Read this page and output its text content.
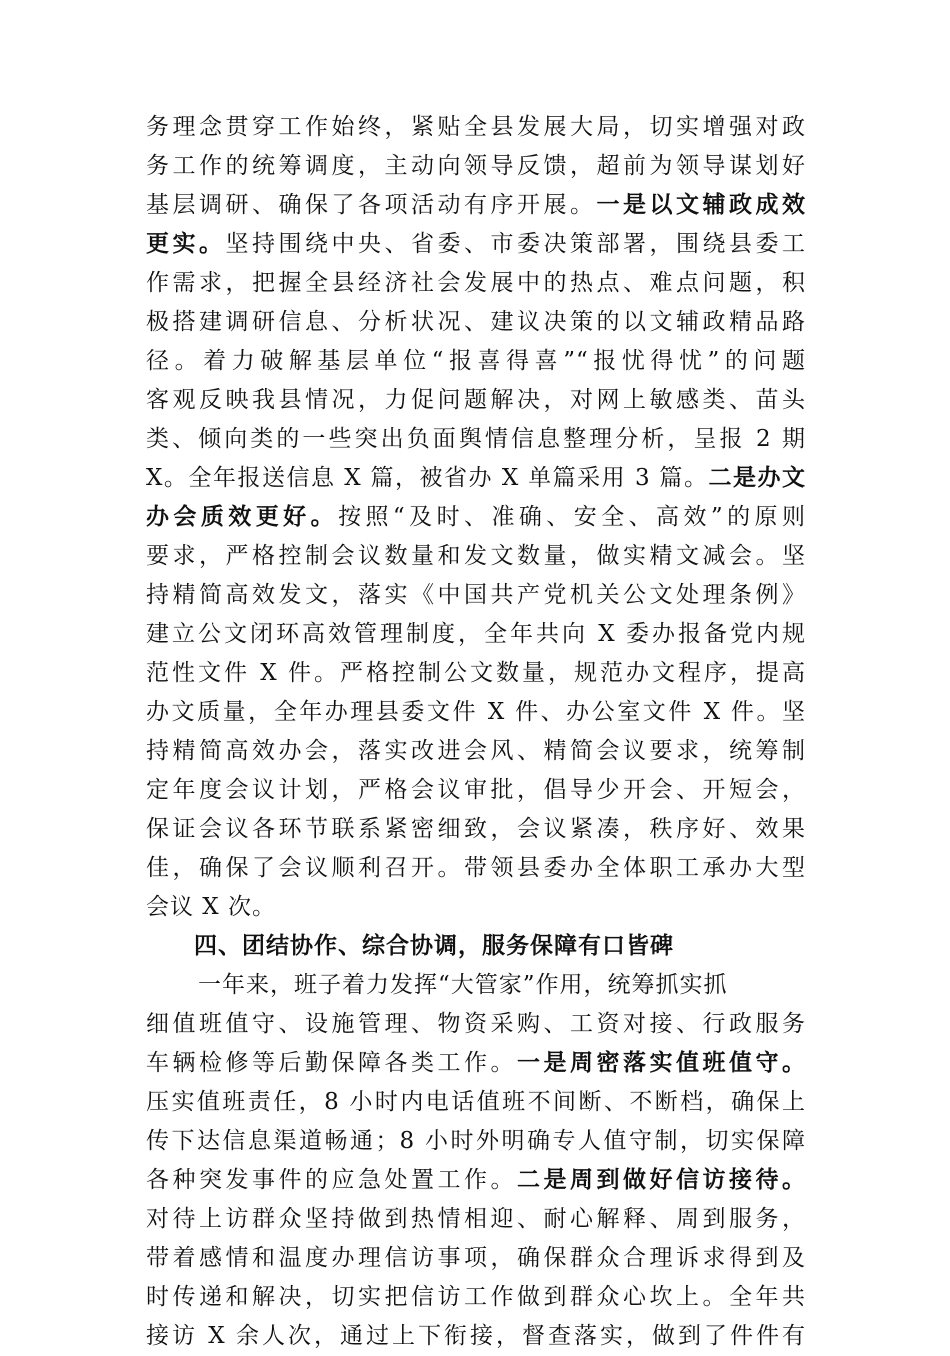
务理念贯穿工作始终，紧贴全县发展大局，切实增强对政
务工作的统筹调度，主动向领导反馈，超前为领导谋划好
基层调研、确保了各项活动有序开展。一是以文辅政成效
更实。坚持围绕中央、省委、市委决策部署，围绕县委工
作需求，把握全县经济社会发展中的热点、难点问题，积
极搭建调研信息、分析状况、建议决策的以文辅政精品路
径。着力破解基层单位“报喜得喜”“报忧得忧”的问题
客观反映我县情况，力促问题解决，对网上敏感类、苗头
类、倾向类的一些突出负面舆情信息整理分析，呈报 2 期
X。全年报送信息 X 篇，被省办 X 单篇采用 3 篇。二是办文
办会质效更好。按照“及时、准确、安全、高效”的原则
要求，严格控制会议数量和发文数量，做实精文减会。坚
持精简高效发文，落实《中国共产党机关公文处理条例》
建立公文闭环高效管理制度，全年共向 X 委办报备党内规
范性文件 X 件。严格控制公文数量，规范办文程序，提高
办文质量，全年办理县委文件 X 件、办公室文件 X 件。坚
持精简高效办会，落实改进会风、精简会议要求，统筹制
定年度会议计划，严格会议审批，倡导少开会、开短会，
保证会议各环节联系紧密细致，会议紧凑，秩序好、效果
佳，确保了会议顺利召开。带领县委办全体职工承办大型
会议 X 次。
四、团结协作、综合协调，服务保障有口皆碑
一年来，班子着力发挥“大管家”作用，统筹抓实抓
细值班值守、设施管理、物资采购、工资对接、行政服务
车辆检修等后勤保障各类工作。一是周密落实值班值守。
压实值班责任，8 小时内电话值班不间断、不断档，确保上
传下达信息渠道畅通；8 小时外明确专人值守制，切实保障
各种突发事件的应急处置工作。二是周到做好信访接待。
对待上访群众坚持做到热情相迎、耐心解释、周到服务，
带着感情和温度办理信访事项，确保群众合理诉求得到及
时传递和解决，切实把信访工作做到群众心坎上。全年共
接访 X 余人次，通过上下衔接，督查落实，做到了件件有
